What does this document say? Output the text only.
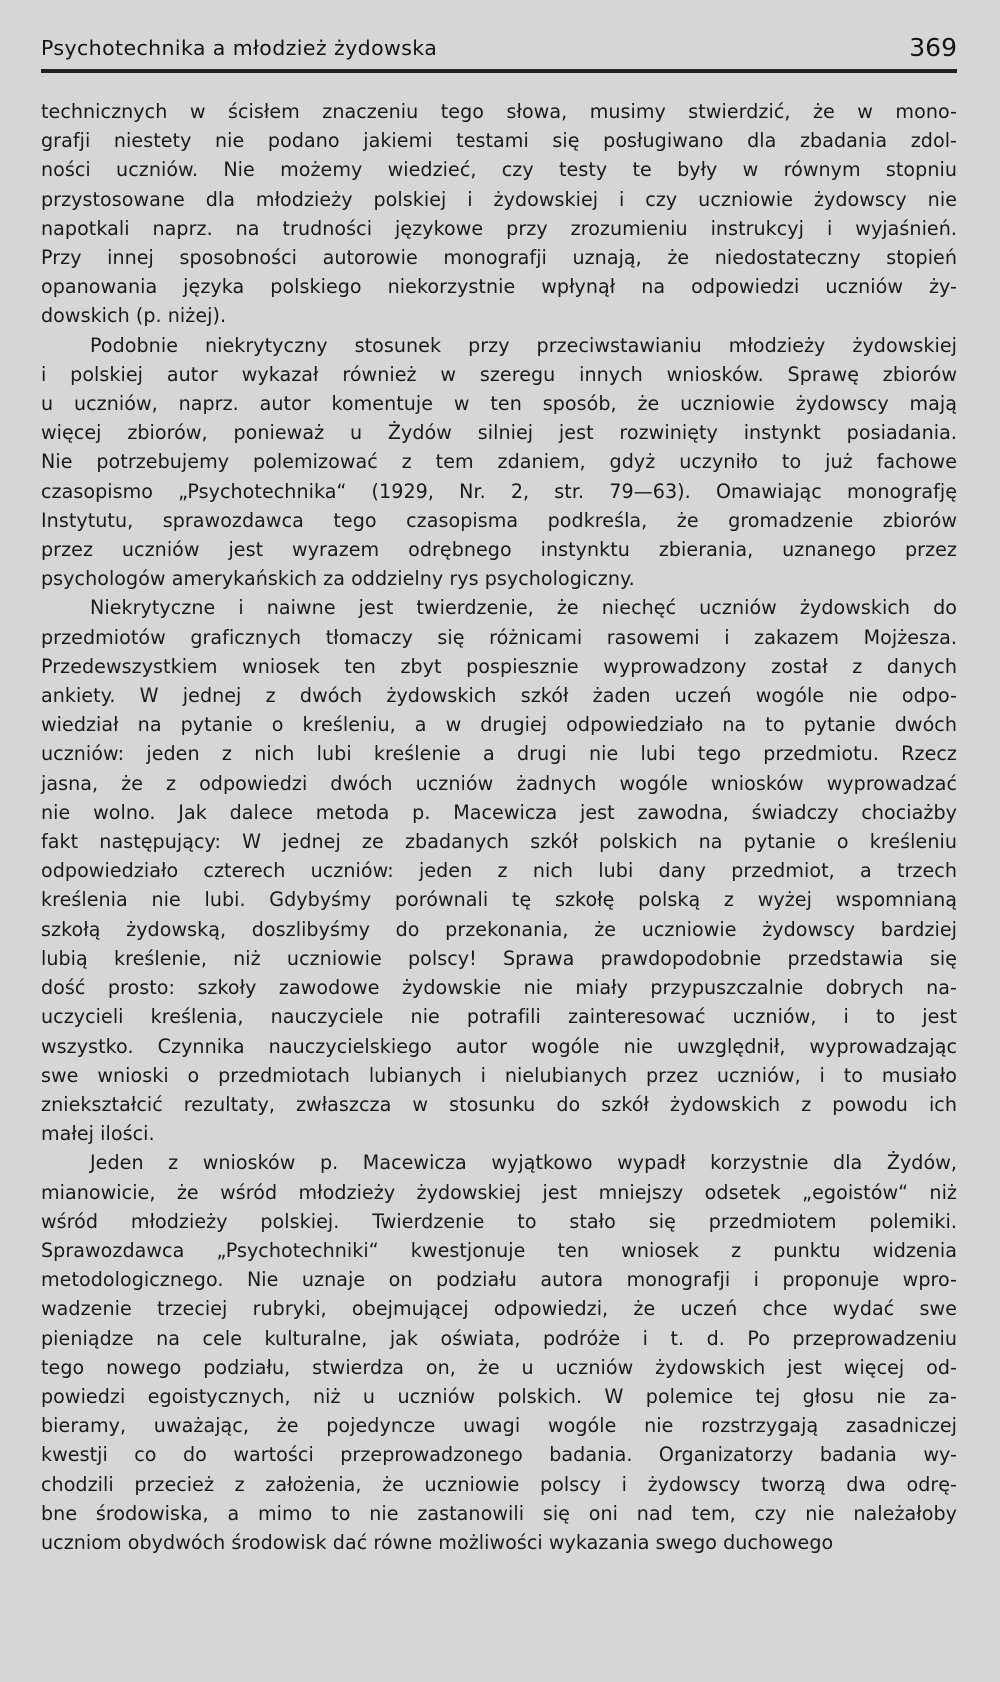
Psychotechnika a młodzież żydowska	369
technicznych w ścisłem znaczeniu tego słowa, musimy stwierdzić, że w mono-
grafji niestety nie podano jakiemi testami się posługiwano dla zbadania zdol-
ności uczniów. Nie możemy wiedzieć, czy testy te były w równym stopniu
przystosowane dla młodzieży polskiej i żydowskiej i czy uczniowie żydowscy nie
napotkali naprz. na trudności językowe przy zrozumieniu instrukcyj i wyjaśnień.
Przy innej sposobności autorowie monografji uznają, że niedostateczny stopień
opanowania języka polskiego niekorzystnie wpłynął na odpowiedzi uczniów ży-
dowskich (p. niżej).
Podobnie niekrytyczny stosunek przy przeciwstawianiu młodzieży żydowskiej
i polskiej autor wykazał również w szeregu innych wniosków. Sprawę zbiorów
u uczniów, naprz. autor komentuje w ten sposób, że uczniowie żydowscy mają
więcej zbiorów, ponieważ u Żydów silniej jest rozwinięty instynkt posiadania.
Nie potrzebujemy polemizować z tem zdaniem, gdyż uczyniło to już fachowe
czasopismo „Psychotechnika“ (1929, Nr. 2, str. 79—63). Omawiając monografję
Instytutu, sprawozdawca tego czasopisma podkreśla, że gromadzenie zbiorów
przez uczniów jest wyrazem odrębnego instynktu zbierania, uznanego przez
psychologów amerykańskich za oddzielny rys psychologiczny.
Niekrytyczne i naiwne jest twierdzenie, że niechęć uczniów żydowskich do
przedmiotów graficznych tłomaczy się różnicami rasowemi i zakazem Mojżesza.
Przedewszystkiem wniosek ten zbyt pospiesznie wyprowadzony został z danych
ankiety. W jednej z dwóch żydowskich szkół żaden uczeń wogóle nie odpo-
wiedział na pytanie o kreśleniu, a w drugiej odpowiedziało na to pytanie dwóch
uczniów: jeden z nich lubi kreślenie a drugi nie lubi tego przedmiotu. Rzecz
jasna, że z odpowiedzi dwóch uczniów żadnych wogóle wniosków wyprowadzać
nie wolno. Jak dalece metoda p. Macewicza jest zawodna, świadczy chociażby
fakt następujący: W jednej ze zbadanych szkół polskich na pytanie o kreśleniu
odpowiedziało czterech uczniów: jeden z nich lubi dany przedmiot, a trzech
kreślenia nie lubi. Gdybyśmy porównali tę szkołę polską z wyżej wspomnianą
szkołą żydowską, doszlibyśmy do przekonania, że uczniowie żydowscy bardziej
lubią kreślenie, niż uczniowie polscy! Sprawa prawdopodobnie przedstawia się
dość prosto: szkoły zawodowe żydowskie nie miały przypuszczalnie dobrych na-
uczycieli kreślenia, nauczyciele nie potrafili zainteresować uczniów, i to jest
wszystko. Czynnika nauczycielskiego autor wogóle nie uwzględnił, wyprowadzając
swe wnioski o przedmiotach lubianych i nielubianych przez uczniów, i to musiało
zniekształcić rezultaty, zwłaszcza w stosunku do szkół żydowskich z powodu ich
małej ilości.
Jeden z wniosków p. Macewicza wyjątkowo wypadł korzystnie dla Żydów,
mianowicie, że wśród młodzieży żydowskiej jest mniejszy odsetek „egoistów“ niż
wśród młodzieży polskiej. Twierdzenie to stało się przedmiotem polemiki.
Sprawozdawca „Psychotechniki“ kwestjonuje ten wniosek z punktu widzenia
metodologicznego. Nie uznaje on podziału autora monografji i proponuje wpro-
wadzenie trzeciej rubryki, obejmującej odpowiedzi, że uczeń chce wydać swe
pieniądze na cele kulturalne, jak oświata, podróże i t. d. Po przeprowadzeniu
tego nowego podziału, stwierdza on, że u uczniów żydowskich jest więcej od-
powiedzi egoistycznych, niż u uczniów polskich. W polemice tej głosu nie za-
bieramy, uważając, że pojedyncze uwagi wogóle nie rozstrzygają zasadniczej
kwestji co do wartości przeprowadzonego badania. Organizatorzy badania wy-
chodzili przecież z założenia, że uczniowie polscy i żydowscy tworzą dwa odrę-
bne środowiska, a mimo to nie zastanowili się oni nad tem, czy nie należałoby
uczniom obydwóch środowisk dać równe możliwości wykazania swego duchowego
